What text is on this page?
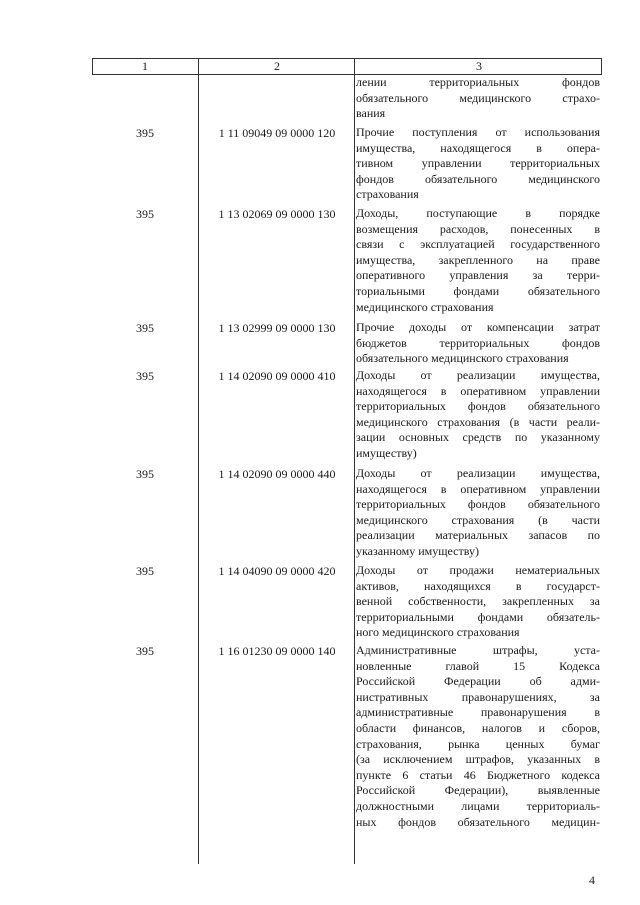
1	2	3
лении территориальных фондов
обязательного медицинского страхо-
вания
395	1 11 09049 09 0000 120	Прочие поступления от использования
имущества, находящегося в опера-
тивном управлении территориальных
фондов обязательного медицинского
страхования
395	1 13 02069 09 0000 130	Доходы, поступающие в порядке
возмещения расходов, понесенных в
связи с эксплуатацией государственного
имущества, закрепленного на праве
оперативного управления за терри-
ториальными фондами обязательного
медицинского страхования
395	1 13 02999 09 0000 130	Прочие доходы от компенсации затрат
бюджетов территориальных фондов
обязательного медицинского страхования
395	1 14 02090 09 0000 410	Доходы от реализации имущества,
находящегося в оперативном управлении
территориальных фондов обязательного
медицинского страхования (в части реали-
зации основных средств по указанному
имуществу)
395	1 14 02090 09 0000 440	Доходы от реализации имущества,
находящегося в оперативном управлении
территориальных фондов обязательного
медицинского страхования (в части
реализации материальных запасов по
указанному имуществу)
395	1 14 04090 09 0000 420	Доходы от продажи нематериальных
активов, находящихся в государст-
венной собственности, закрепленных за
территориальными фондами обязатель-
ного медицинского страхования
395	1 16 01230 09 0000 140	Административные штрафы, уста-
новленные главой 15 Кодекса
Российской Федерации об адми-
нистративных правонарушениях, за
административные правонарушения в
области финансов, налогов и сборов,
страхования, рынка ценных бумаг
(за исключением штрафов, указанных в
пункте 6 статьи 46 Бюджетного кодекса
Российской Федерации), выявленные
должностными лицами территориаль-
ных фондов обязательного медицин-
4
